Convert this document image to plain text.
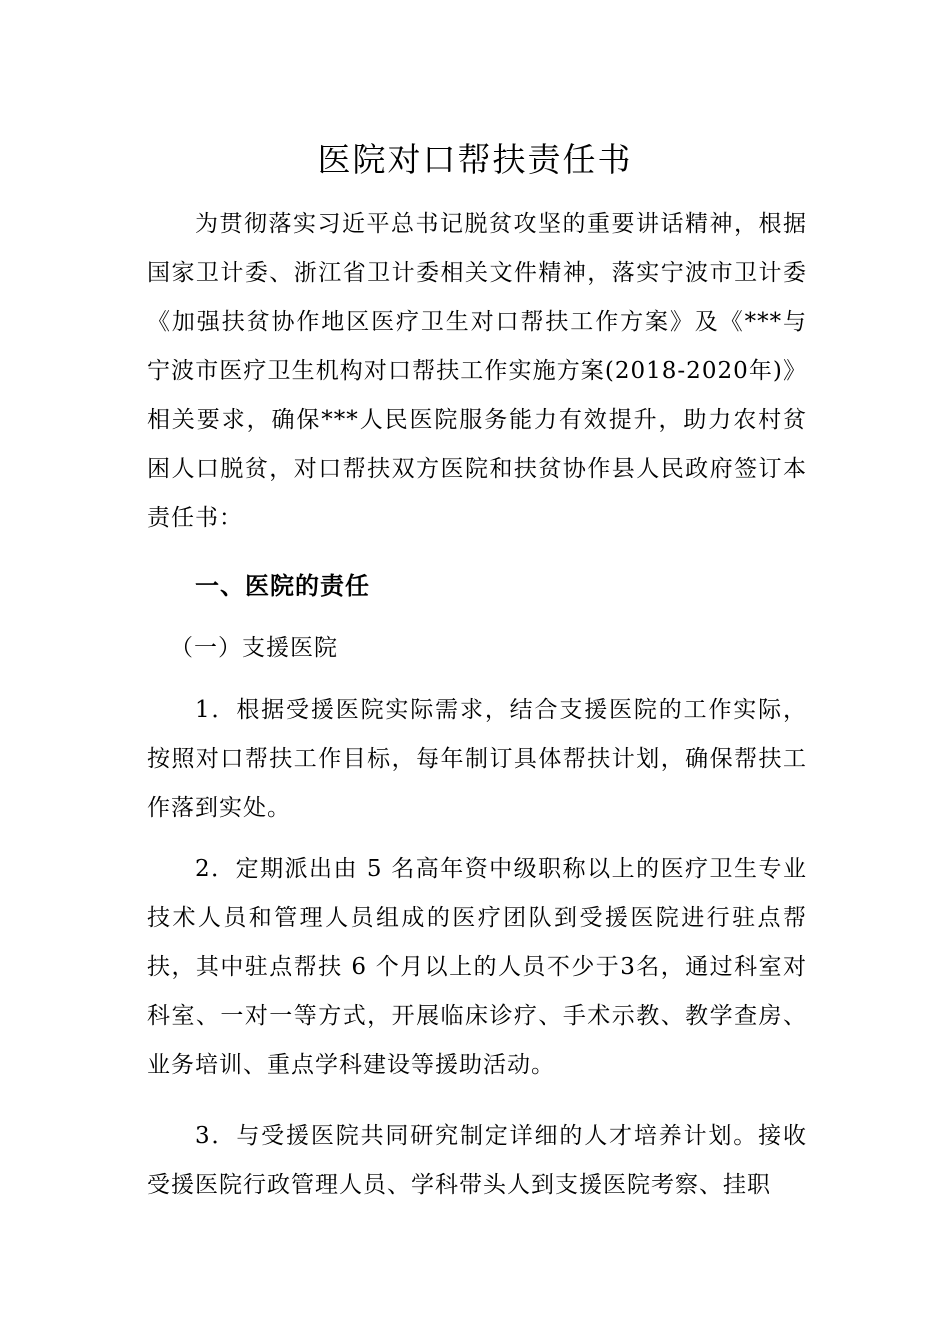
医院对口帮扶责任书

为贯彻落实习近平总书记脱贫攻坚的重要讲话精神，根据国家卫计委、浙江省卫计委相关文件精神，落实宁波市卫计委《加强扶贫协作地区医疗卫生对口帮扶工作方案》及《***与宁波市医疗卫生机构对口帮扶工作实施方案(2018-2020年)》相关要求，确保***人民医院服务能力有效提升，助力农村贫困人口脱贫，对口帮扶双方医院和扶贫协作县人民政府签订本责任书：

一、医院的责任
（一）支援医院

1．根据受援医院实际需求，结合支援医院的工作实际，按照对口帮扶工作目标，每年制订具体帮扶计划，确保帮扶工作落到实处。

2．定期派出由 5 名高年资中级职称以上的医疗卫生专业技术人员和管理人员组成的医疗团队到受援医院进行驻点帮扶，其中驻点帮扶 6 个月以上的人员不少于3名，通过科室对科室、一对一等方式，开展临床诊疗、手术示教、教学查房、业务培训、重点学科建设等援助活动。

3．与受援医院共同研究制定详细的人才培养计划。接收受援医院行政管理人员、学科带头人到支援医院考察、挂职
